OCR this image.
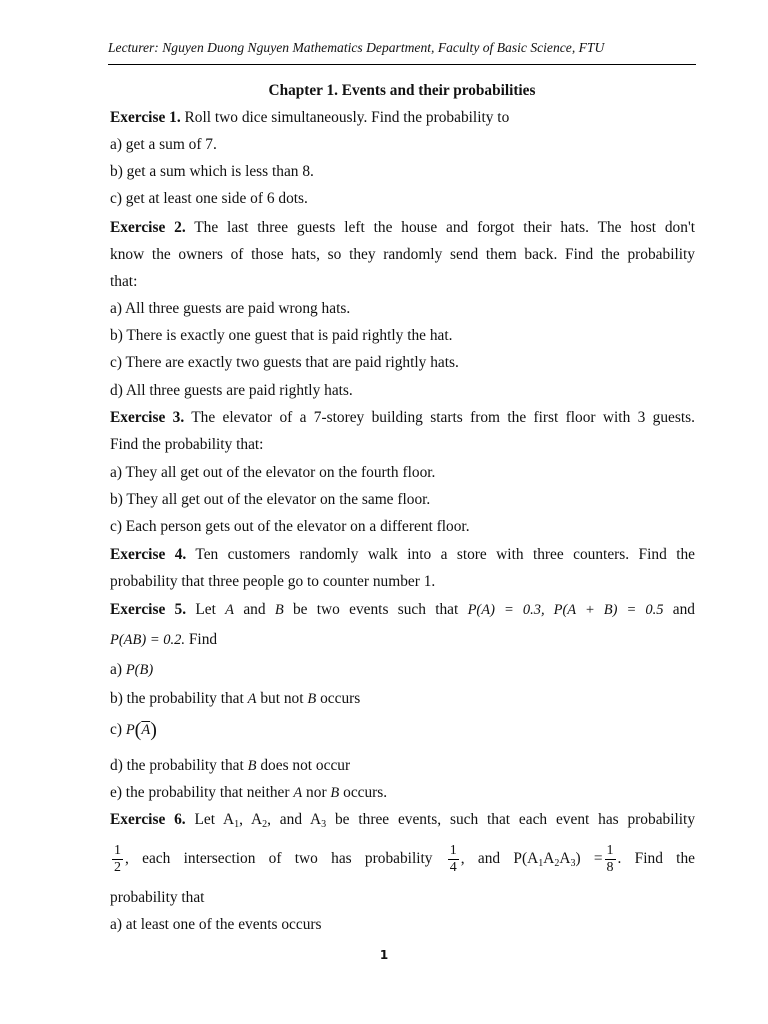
Lecturer: Nguyen Duong Nguyen Mathematics Department, Faculty of Basic Science, FTU
Chapter 1. Events and their probabilities
Exercise 1. Roll two dice simultaneously. Find the probability to
a) get a sum of 7.
b) get a sum which is less than 8.
c) get at least one side of 6 dots.
Exercise 2. The last three guests left the house and forgot their hats. The host don't
know the owners of those hats, so they randomly send them back. Find the probability
that:
a) All three guests are paid wrong hats.
b) There is exactly one guest that is paid rightly the hat.
c) There are exactly two guests that are paid rightly hats.
d) All three guests are paid rightly hats.
Exercise 3. The elevator of a 7-storey building starts from the first floor with 3 guests.
Find the probability that:
a) They all get out of the elevator on the fourth floor.
b) They all get out of the elevator on the same floor.
c) Each person gets out of the elevator on a different floor.
Exercise 4. Ten customers randomly walk into a store with three counters. Find the
probability that three people go to counter number 1.
Exercise 5. Let A and B be two events such that P(A) = 0.3, P(A + B) = 0.5 and
P(AB) = 0.2. Find
a) P(B)
b) the probability that A but not B occurs
c) $P(\overline{A})$
d) the probability that B does not occur
e) the probability that neither A nor B occurs.
Exercise 6. Let $A_1$, $A_2$, and $A_3$ be three events, such that each event has probability
$\frac{1}{2}$ , each intersection of two has probability $\frac{1}{4}$ , and $P(A_1A_2A_3) = \frac{1}{8}$ . Find the
probability that
a) at least one of the events occurs
1
